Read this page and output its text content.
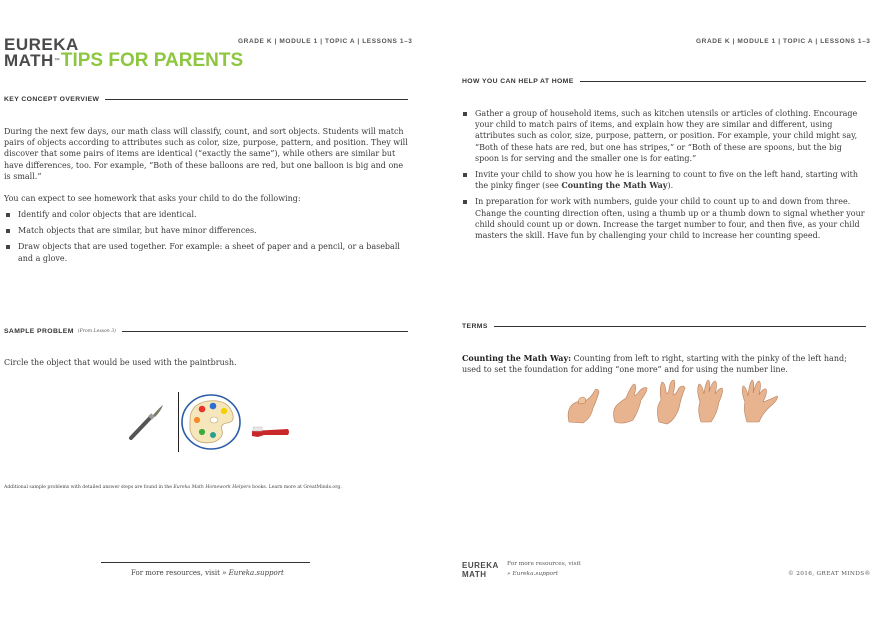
EUREKA
MATH ™ TIPS FOR PARENTS
GRADE K | MODULE 1 | TOPIC A | LESSONS 1–3
KEY CONCEPT OVERVIEW
During the next few days, our math class will classify, count, and sort objects. Students will match pairs of objects according to attributes such as color, size, purpose, pattern, and position. They will discover that some pairs of items are identical (“exactly the same”), while others are similar but have differences, too. For example, “Both of these balloons are red, but one balloon is big and one is small.”
You can expect to see homework that asks your child to do the following:
Identify and color objects that are identical.
Match objects that are similar, but have minor differences.
Draw objects that are used together. For example: a sheet of paper and a pencil, or a baseball and a glove.
SAMPLE PROBLEM (From Lesson 3)
Circle the object that would be used with the paintbrush.
Additional sample problems with detailed answer steps are found in the Eureka Math Homework Helpers books. Learn more at GreatMinds.org.
For more resources, visit » Eureka.support
GRADE K | MODULE 1 | TOPIC A | LESSONS 1–3
HOW YOU CAN HELP AT HOME
Gather a group of household items, such as kitchen utensils or articles of clothing. Encourage your child to match pairs of items, and explain how they are similar and different, using attributes such as color, size, purpose, pattern, or position. For example, your child might say, “Both of these hats are red, but one has stripes,” or “Both of these are spoons, but the big spoon is for serving and the smaller one is for eating.”
Invite your child to show you how he is learning to count to five on the left hand, starting with the pinky finger (see Counting the Math Way).
In preparation for work with numbers, guide your child to count up to and down from three. Change the counting direction often, using a thumb up or a thumb down to signal whether your child should count up or down. Increase the target number to four, and then five, as your child masters the skill. Have fun by challenging your child to increase her counting speed.
TERMS
Counting the Math Way: Counting from left to right, starting with the pinky of the left hand; used to set the foundation for adding “one more” and for using the number line.
EUREKA
MATH
For more resources, visit
» Eureka.support	© 2016, GREAT MINDS®
